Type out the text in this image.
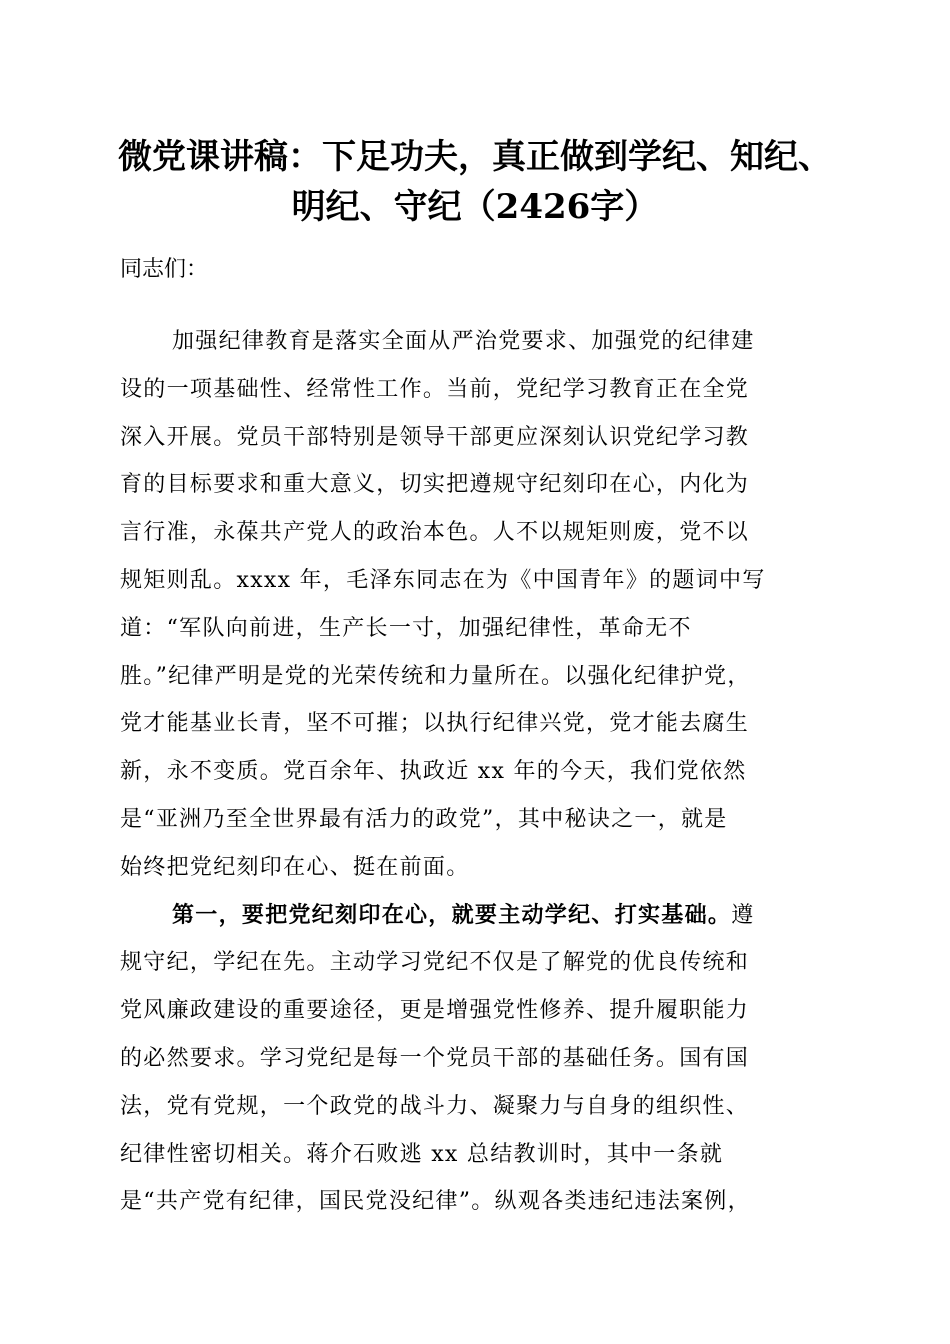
微党课讲稿：下足功夫，真正做到学纪、知纪、
明纪、守纪（2426字）
同志们：
加强纪律教育是落实全面从严治党要求、加强党的纪律建
设的一项基础性、经常性工作。当前，党纪学习教育正在全党
深入开展。党员干部特别是领导干部更应深刻认识党纪学习教
育的目标要求和重大意义，切实把遵规守纪刻印在心，内化为
言行准，永葆共产党人的政治本色。人不以规矩则废，党不以
规矩则乱。xxxx 年，毛泽东同志在为《中国青年》的题词中写
道：“军队向前进，生产长一寸，加强纪律性，革命无不
胜。”纪律严明是党的光荣传统和力量所在。以强化纪律护党，
党才能基业长青，坚不可摧；以执行纪律兴党，党才能去腐生
新，永不变质。党百余年、执政近 xx 年的今天，我们党依然
是“亚洲乃至全世界最有活力的政党”，其中秘诀之一，就是
始终把党纪刻印在心、挺在前面。
第一，要把党纪刻印在心，就要主动学纪、打实基础。遵
规守纪，学纪在先。主动学习党纪不仅是了解党的优良传统和
党风廉政建设的重要途径，更是增强党性修养、提升履职能力
的必然要求。学习党纪是每一个党员干部的基础任务。国有国
法，党有党规，一个政党的战斗力、凝聚力与自身的组织性、
纪律性密切相关。蒋介石败逃 xx 总结教训时，其中一条就
是“共产党有纪律，国民党没纪律”。纵观各类违纪违法案例，
